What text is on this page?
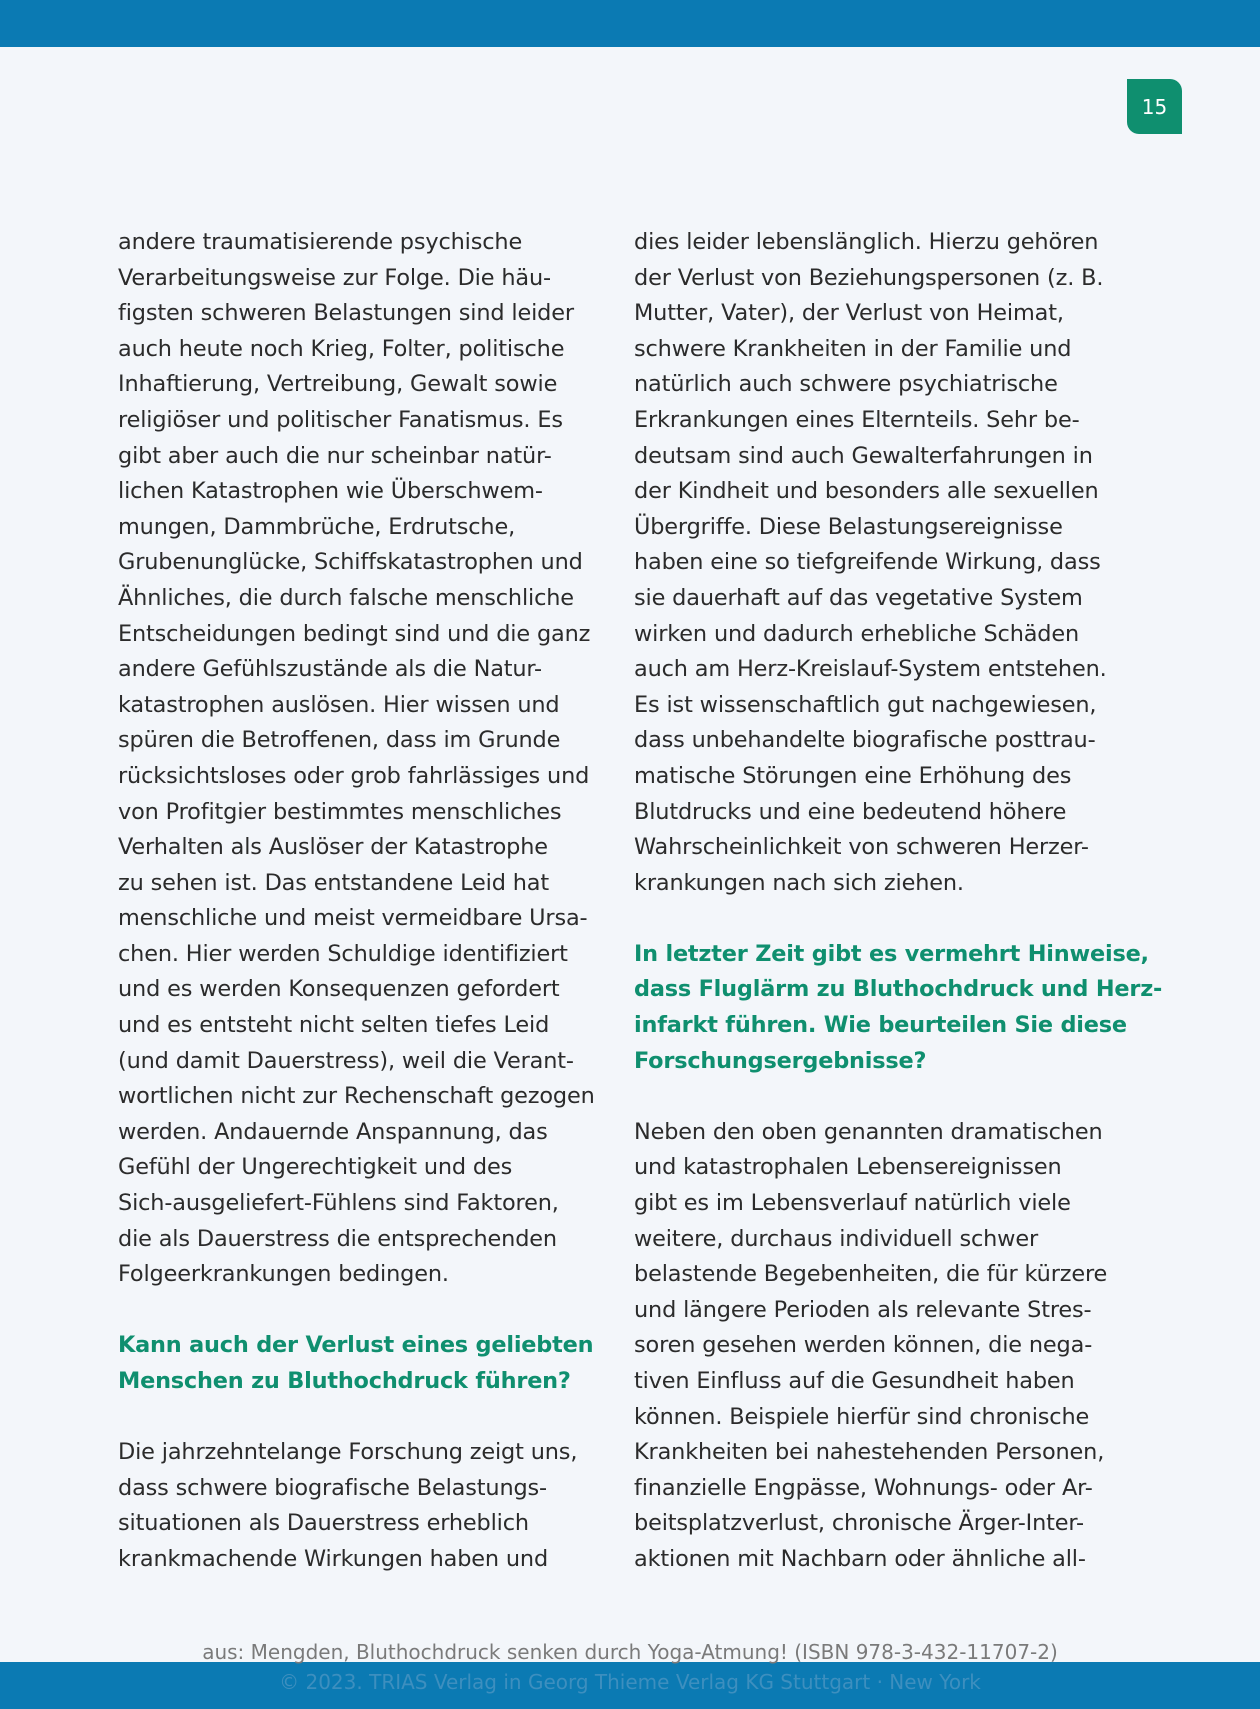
15

andere traumatisierende psychische
Verarbeitungsweise zur Folge. Die häu-
figsten schweren Belastungen sind leider
auch heute noch Krieg, Folter, politische
Inhaftierung, Vertreibung, Gewalt sowie
religiöser und politischer Fanatismus. Es
gibt aber auch die nur scheinbar natür-
lichen Katastrophen wie Überschwem-
mungen, Dammbrüche, Erdrutsche,
Grubenunglücke, Schiffskatastrophen und
Ähnliches, die durch falsche menschliche
Entscheidungen bedingt sind und die ganz
andere Gefühlszustände als die Natur-
katastrophen auslösen. Hier wissen und
spüren die Betroffenen, dass im Grunde
rücksichtsloses oder grob fahrlässiges und
von Profitgier bestimmtes menschliches
Verhalten als Auslöser der Katastrophe
zu sehen ist. Das entstandene Leid hat
menschliche und meist vermeidbare Ursa-
chen. Hier werden Schuldige identifiziert
und es werden Konsequenzen gefordert
und es entsteht nicht selten tiefes Leid
(und damit Dauerstress), weil die Verant-
wortlichen nicht zur Rechenschaft gezogen
werden. Andauernde Anspannung, das
Gefühl der Ungerechtigkeit und des
Sich-ausgeliefert-Fühlens sind Faktoren,
die als Dauerstress die entsprechenden
Folgeerkrankungen bedingen.

Kann auch der Verlust eines geliebten
Menschen zu Bluthochdruck führen?

Die jahrzehntelange Forschung zeigt uns,
dass schwere biografische Belastungs-
situationen als Dauerstress erheblich
krankmachende Wirkungen haben und

dies leider lebenslänglich. Hierzu gehören
der Verlust von Beziehungspersonen (z. B.
Mutter, Vater), der Verlust von Heimat,
schwere Krankheiten in der Familie und
natürlich auch schwere psychiatrische
Erkrankungen eines Elternteils. Sehr be-
deutsam sind auch Gewalterfahrungen in
der Kindheit und besonders alle sexuellen
Übergriffe. Diese Belastungsereignisse
haben eine so tiefgreifende Wirkung, dass
sie dauerhaft auf das vegetative System
wirken und dadurch erhebliche Schäden
auch am Herz-Kreislauf-System entstehen.
Es ist wissenschaftlich gut nachgewiesen,
dass unbehandelte biografische posttrau-
matische Störungen eine Erhöhung des
Blutdrucks und eine bedeutend höhere
Wahrscheinlichkeit von schweren Herzer-
krankungen nach sich ziehen.

In letzter Zeit gibt es vermehrt Hinweise,
dass Fluglärm zu Bluthochdruck und Herz-
infarkt führen. Wie beurteilen Sie diese
Forschungsergebnisse?

Neben den oben genannten dramatischen
und katastrophalen Lebensereignissen
gibt es im Lebensverlauf natürlich viele
weitere, durchaus individuell schwer
belastende Begebenheiten, die für kürzere
und längere Perioden als relevante Stres-
soren gesehen werden können, die nega-
tiven Einfluss auf die Gesundheit haben
können. Beispiele hierfür sind chronische
Krankheiten bei nahestehenden Personen,
finanzielle Engpässe, Wohnungs- oder Ar-
beitsplatzverlust, chronische Ärger-Inter-
aktionen mit Nachbarn oder ähnliche all-

aus: Mengden, Bluthochdruck senken durch Yoga-Atmung! (ISBN 978-3-432-11707-2)
© 2023. TRIAS Verlag in Georg Thieme Verlag KG Stuttgart · New York
